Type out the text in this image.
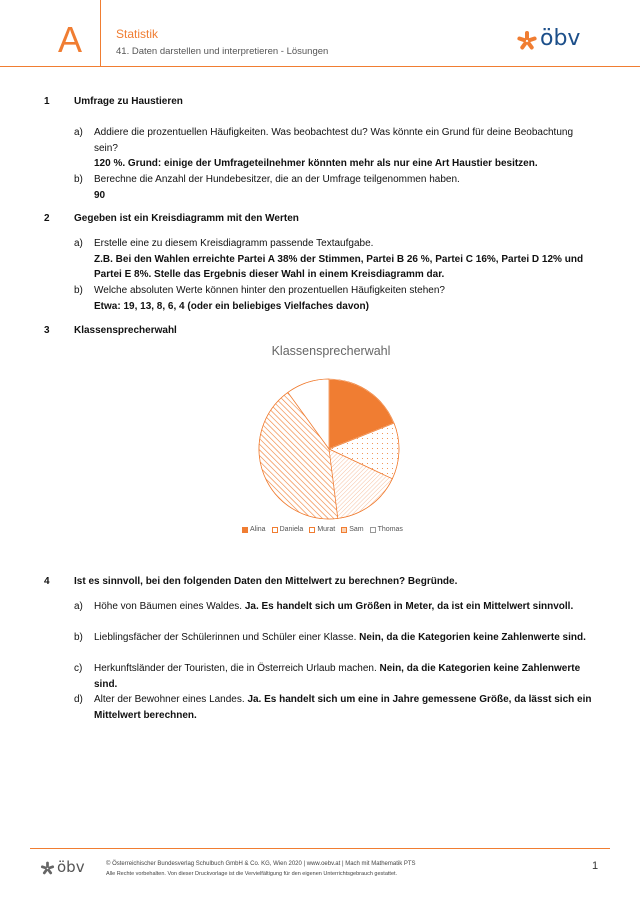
A	Statistik
41. Daten darstellen und interpretieren - Lösungen
öbv
1 Umfrage zu Haustieren
a) Addiere die prozentuellen Häufigkeiten. Was beobachtest du? Was könnte ein Grund für deine Beobachtung sein?
120 %. Grund: einige der Umfrageteilnehmer könnten mehr als nur eine Art Haustier besitzen.
b) Berechne die Anzahl der Hundebesitzer, die an der Umfrage teilgenommen haben.
90
2 Gegeben ist ein Kreisdiagramm mit den Werten
a) Erstelle eine zu diesem Kreisdiagramm passende Textaufgabe.
Z.B. Bei den Wahlen erreichte Partei A 38% der Stimmen, Partei B 26 %, Partei C 16%, Partei D 12% und Partei E 8%. Stelle das Ergebnis dieser Wahl in einem Kreisdiagramm dar.
b) Welche absoluten Werte können hinter den prozentuellen Häufigkeiten stehen?
Etwa: 19, 13, 8, 6, 4 (oder ein beliebiges Vielfaches davon)
3 Klassensprecherwahl
Klassensprecherwahl
Alina Daniela Murat Sam Thomas
4 Ist es sinnvoll, bei den folgenden Daten den Mittelwert zu berechnen? Begründe.
a) Höhe von Bäumen eines Waldes. Ja. Es handelt sich um Größen in Meter, da ist ein Mittelwert sinnvoll.
b) Lieblingsfächer der Schülerinnen und Schüler einer Klasse. Nein, da die Kategorien keine Zahlenwerte sind.
c) Herkunftsländer der Touristen, die in Österreich Urlaub machen. Nein, da die Kategorien keine Zahlenwerte sind.
d) Alter der Bewohner eines Landes. Ja. Es handelt sich um eine in Jahre gemessene Größe, da lässt sich ein Mittelwert berechnen.
öbv	© Österreichischer Bundesverlag Schulbuch GmbH & Co. KG, Wien 2020 | www.oebv.at | Mach mit Mathematik PTS
Alle Rechte vorbehalten. Von dieser Druckvorlage ist die Vervielfältigung für den eigenen Unterrichtsgebrauch gestattet.
1
